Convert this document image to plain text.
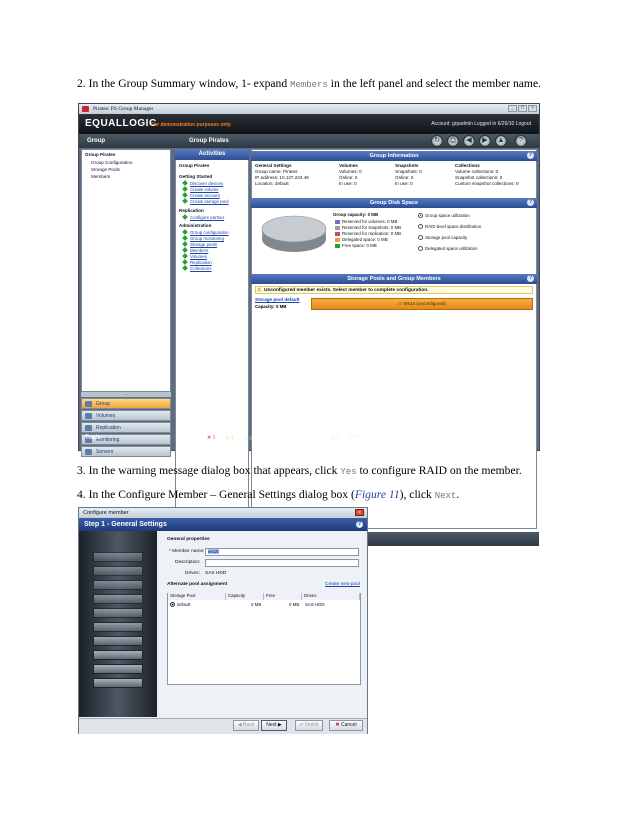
2. In the Group Summary window, 1- expand Members in the left panel and select the member name.
Pirates: PS Group Manager	_	□	×
EQUALLOGIC
For demonstration purposes only	Account: grpadmin Logged in 6/26/10 Logout
Group	Group Pirates	↻	⎙	◀	▶	▲	?
Group Pirates
Group Configuration
Storage Pools
Members
⋯
Group
Volumes
Replication
Monitoring
Servers
Activities
Group Pirates
Getting Started
Discover devices
Create volume
Create account
Create storage pool
Replication
Configure partner
Administration
Group configuration
Group monitoring
Storage pools
Members
Volumes
Replication
Collections
Group Information	?
General Settings
Group name: Pirates
IP address: 10.127.234.46
Location: default
Volumes
Volumes: 0
Online: 0
In use: 0
Snapshots
Snapshots: 0
Online: 0
In use: 0
Collections
Volume collections: 0
Snapshot collections: 0
Custom snapshot collections: 0
Group Disk Space	?
Group capacity: 0 MB	Group space utilization
RAID level space distribution
Storage pool capacity
Delegated space utilization
Storage Pools and Group Members	?
⚠ Unconfigured member exists. Select member to complete configuration.
Storage pool default
Capacity: 0 MB
⚠ Ws15 (unconfigured)
Tools	Alarms ✖ 0 ⚠ 1 ⓘ 0	Operations	⚙ 0 ⚙ 0
Reserved for volumes: 0 MB
Reserved for snapshots: 0 MB
Reserved for replication: 0 MB
Delegated space: 0 MB
Free space: 0 MB
3. In the warning message dialog box that appears, click Yes to configure RAID on the member.
4. In the Configure Member – General Settings dialog box (Figure 11), click Next.
Configure member	×
Step 1 - General Settings	?
General properties
* Member name: ws15
Description:
Drives: SAS HDD
Alternate pool assignment	Create new pool
Storage Pool	Capacity	Free	Drives
default	0 MB	0 MB SAS HDD
◀ Back	Next ▶	✔ Finish	✖ Cancel
